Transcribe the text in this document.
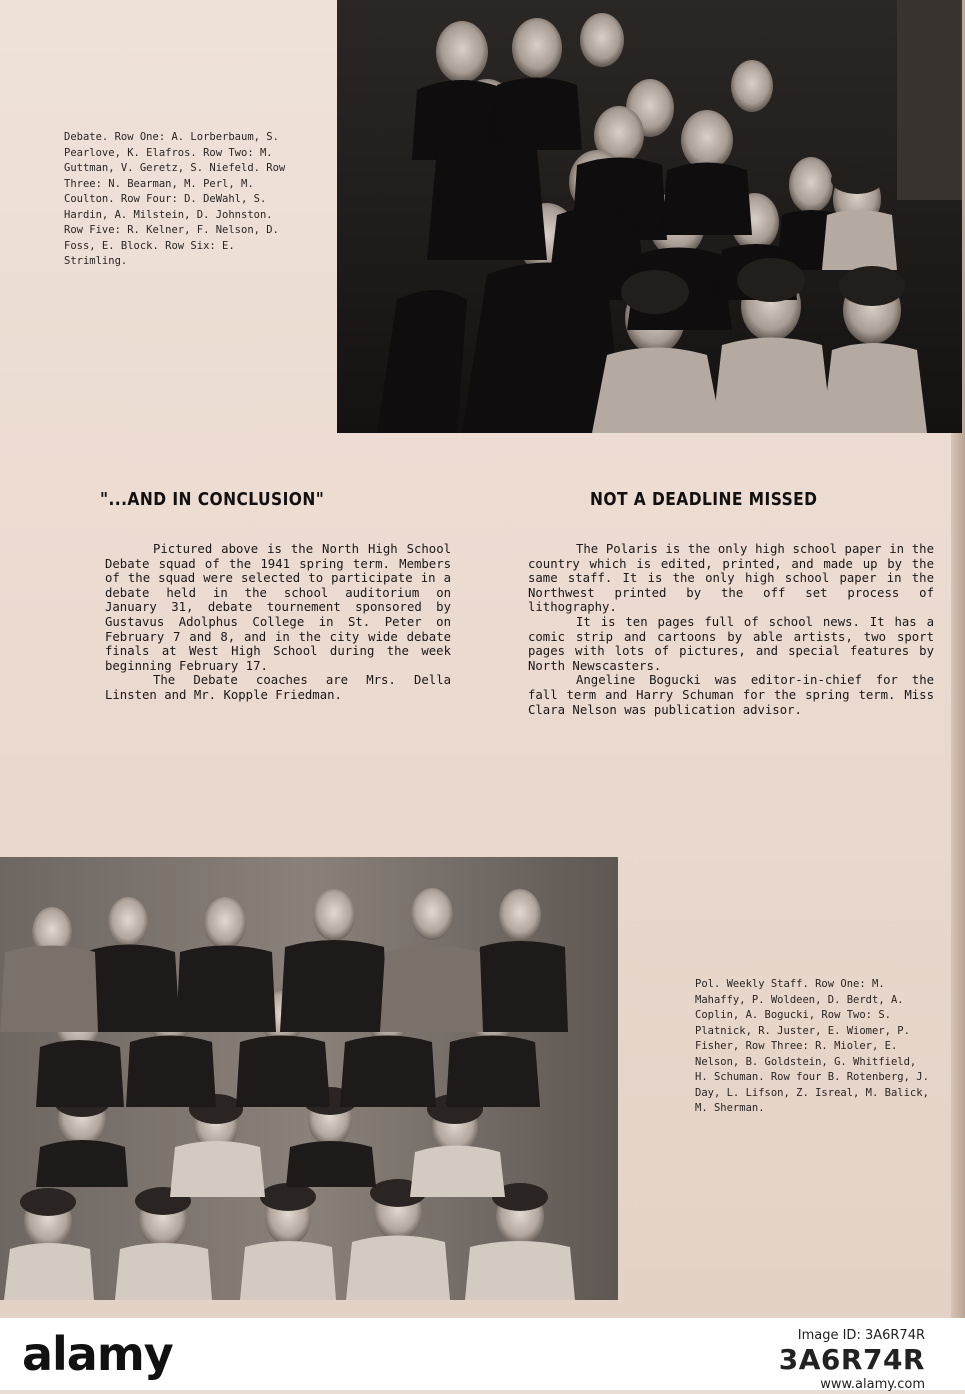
Debate. Row One: A. Lorberbaum, S. Pearlove, K. Elafros. Row Two: M. Guttman, V. Geretz, S. Niefeld. Row Three: N. Bearman, M. Perl, M. Coulton. Row Four: D. DeWahl, S. Hardin, A. Milstein, D. Johnston. Row Five: R. Kelner, F. Nelson, D. Foss, E. Block. Row Six: E. Strimling.
"...AND IN CONCLUSION"	NOT A DEADLINE MISSED

Pictured above is the North High School Debate squad of the 1941 spring term. Members of the squad were selected to participate in a debate held in the school auditorium on January 31, debate tournement sponsored by Gustavus Adolphus College in St. Peter on February 7 and 8, and in the city wide debate finals at West High School during the week beginning February 17.

The Debate coaches are Mrs. Della Linsten and Mr. Kopple Friedman.

The Polaris is the only high school paper in the country which is edited, printed, and made up by the same staff. It is the only high school paper in the Northwest printed by the off set process of lithography.

It is ten pages full of school news. It has a comic strip and cartoons by able artists, two sport pages with lots of pictures, and special features by North Newscasters.

Angeline Bogucki was editor-in-chief for the fall term and Harry Schuman for the spring term. Miss Clara Nelson was publication advisor.

Pol. Weekly Staff. Row One: M. Mahaffy, P. Woldeen, D. Berdt, A. Coplin, A. Bogucki, Row Two: S. Platnick, R. Juster, E. Wiomer, P. Fisher, Row Three: R. Mioler, E. Nelson, B. Goldstein, G. Whitfield, H. Schuman. Row four B. Rotenberg, J. Day, L. Lifson, Z. Isreal, M. Balick, M. Sherman.
alamy	Image ID: 3A6R74R
3A6R74R
www.alamy.com
